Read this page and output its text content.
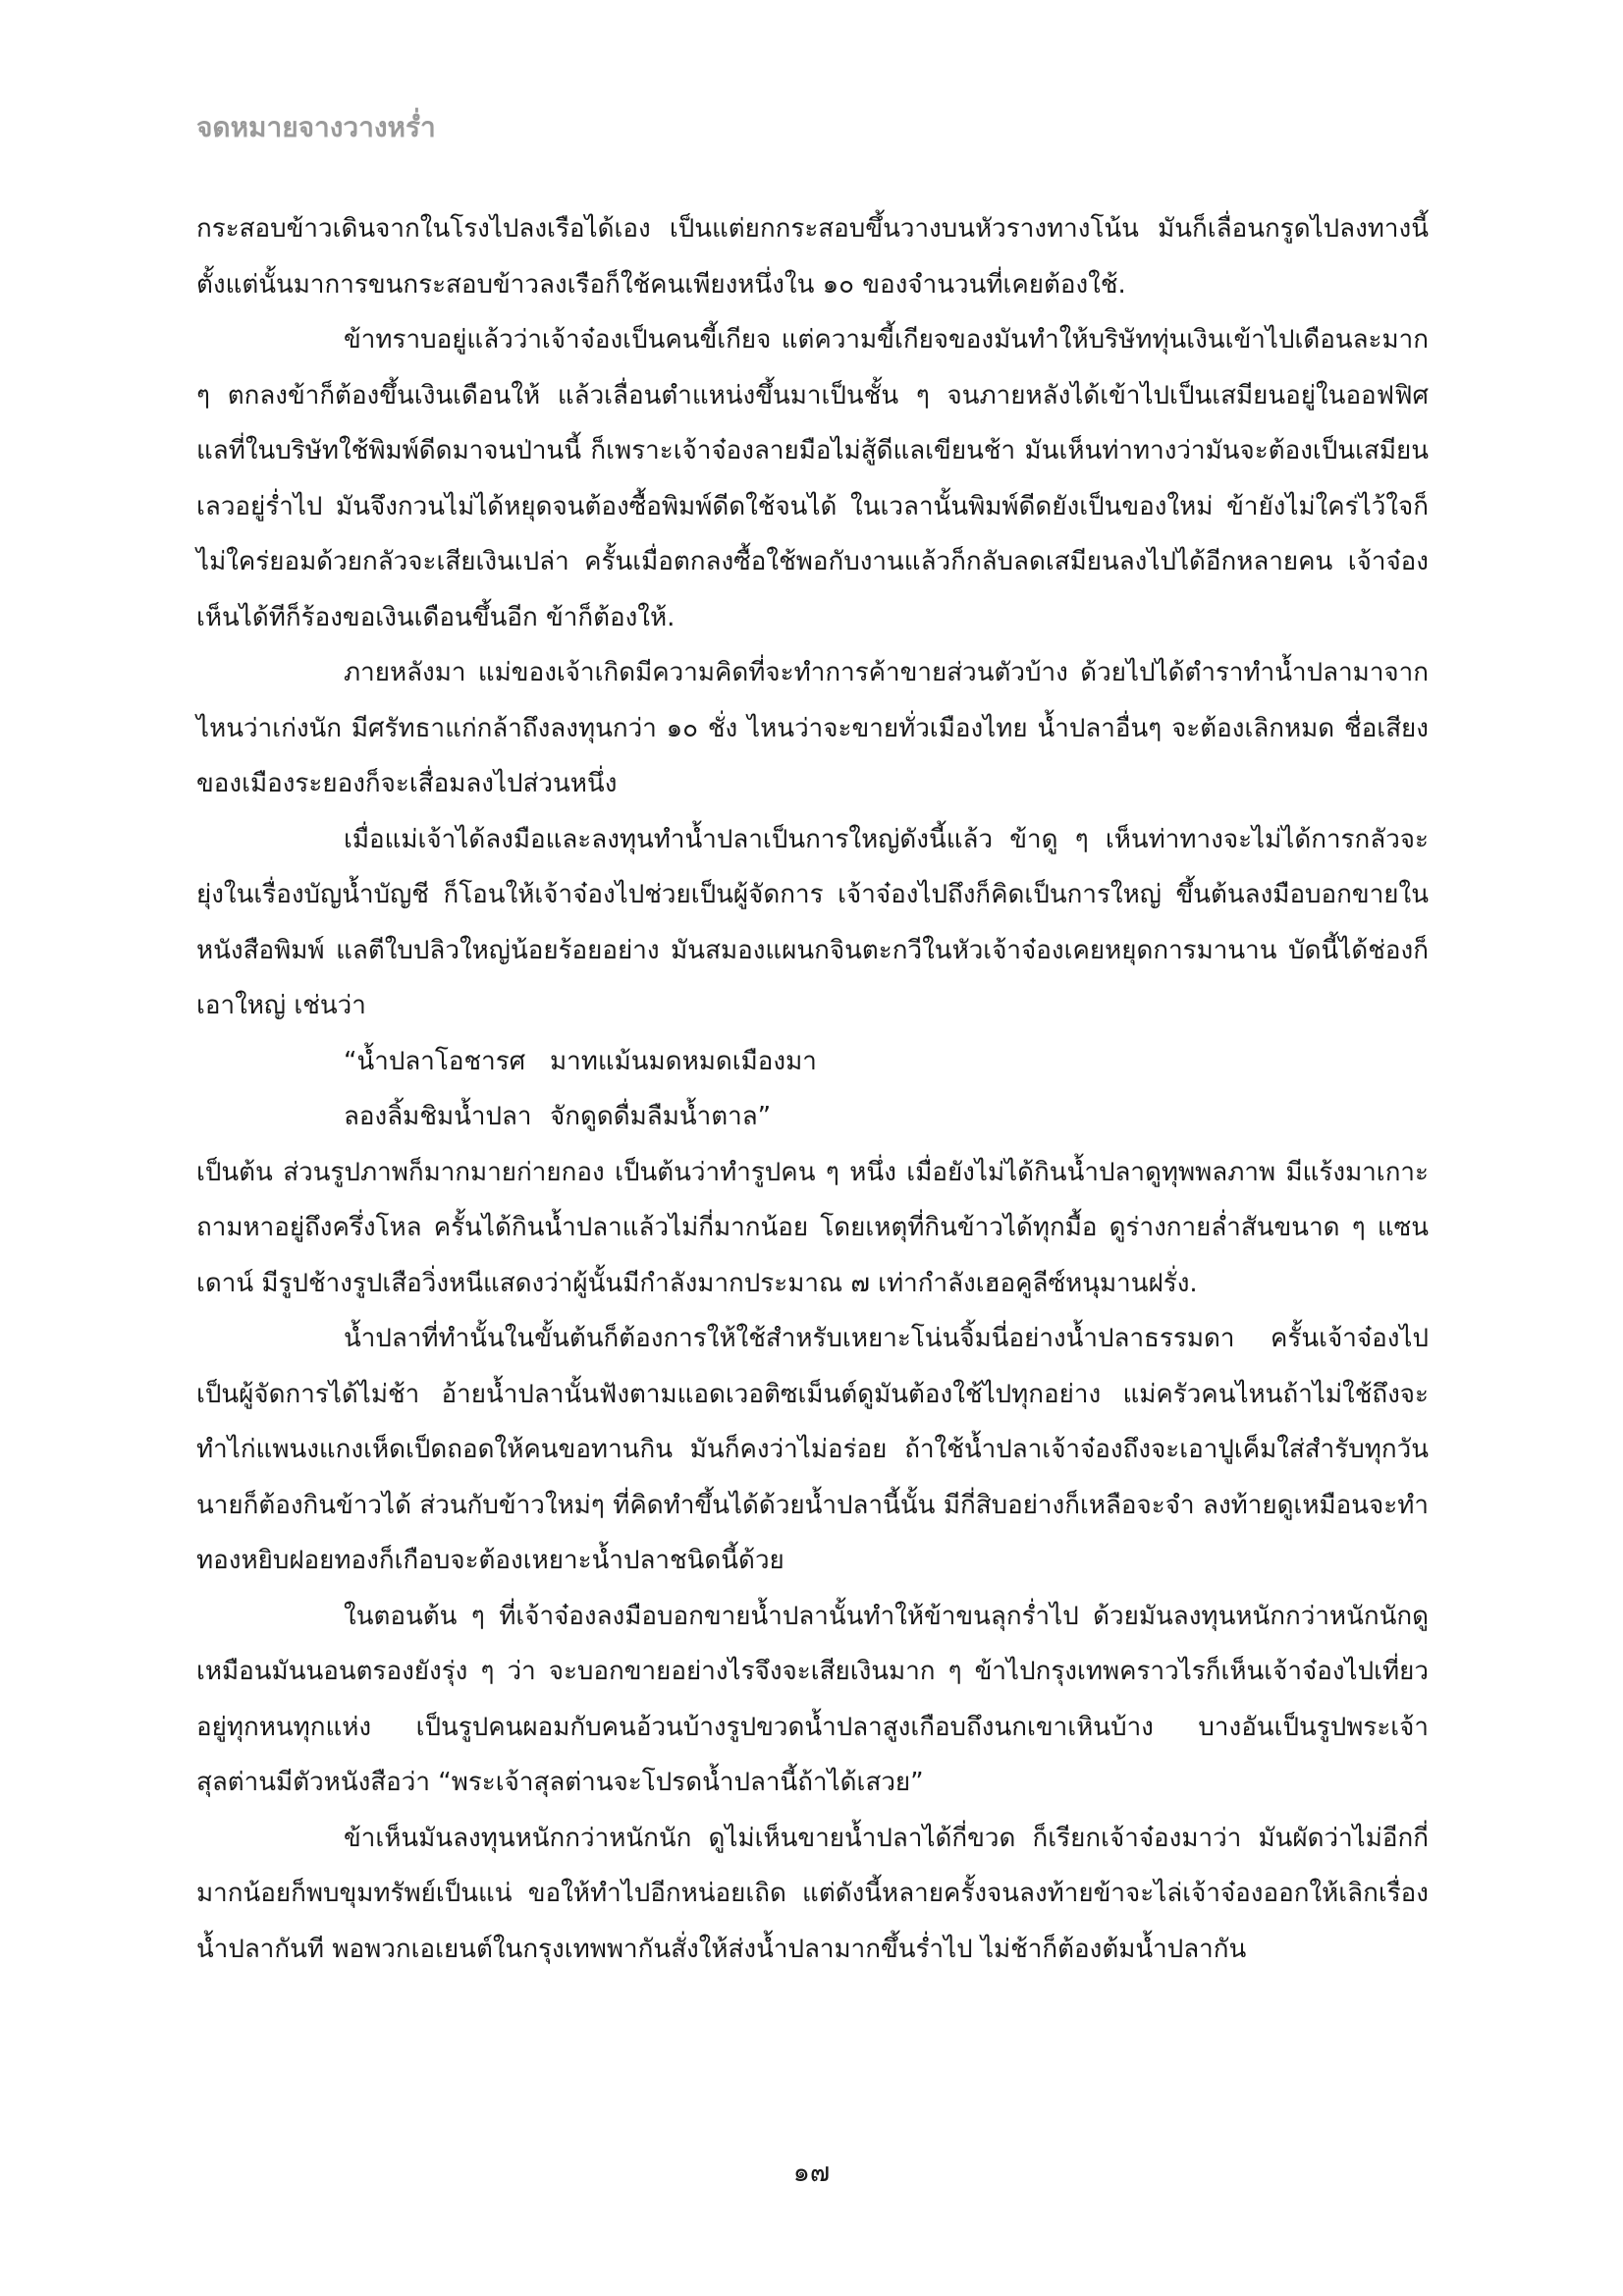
จดหมายจางวางหร่ำ

กระสอบข้าวเดินจากในโรงไปลงเรือได้เอง เป็นแต่ยกกระสอบขึ้นวางบนหัวรางทางโน้น มันก็เลื่อนกรูดไปลงทางนี้ ตั้งแต่นั้นมาการขนกระสอบข้าวลงเรือก็ใช้คนเพียงหนึ่งใน ๑๐ ของจำนวนที่เคยต้องใช้.

ข้าทราบอยู่แล้วว่าเจ้าจ๋องเป็นคนขี้เกียจ แต่ความขี้เกียจของมันทำให้บริษัททุ่นเงินเข้าไปเดือนละมาก ๆ ตกลงข้าก็ต้องขึ้นเงินเดือนให้ แล้วเลื่อนตำแหน่งขึ้นมาเป็นชั้น ๆ จนภายหลังได้เข้าไปเป็นเสมียนอยู่ในออฟฟิศ แลที่ในบริษัทใช้พิมพ์ดีดมาจนป่านนี้ ก็เพราะเจ้าจ๋องลายมือไม่สู้ดีแลเขียนช้า มันเห็นท่าทางว่ามันจะต้องเป็นเสมียนเลวอยู่ร่ำไป มันจึงกวนไม่ได้หยุดจนต้องซื้อพิมพ์ดีดใช้จนได้ ในเวลานั้นพิมพ์ดีดยังเป็นของใหม่ ข้ายังไม่ใคร่ไว้ใจก็ไม่ใคร่ยอมด้วยกลัวจะเสียเงินเปล่า ครั้นเมื่อตกลงซื้อใช้พอกับงานแล้วก็กลับลดเสมียนลงไปได้อีกหลายคน เจ้าจ๋องเห็นได้ทีก็ร้องขอเงินเดือนขึ้นอีก ข้าก็ต้องให้.

ภายหลังมา แม่ของเจ้าเกิดมีความคิดที่จะทำการค้าขายส่วนตัวบ้าง ด้วยไปได้ตำราทำน้ำปลามาจากไหนว่าเก่งนัก มีศรัทธาแก่กล้าถึงลงทุนกว่า ๑๐ ชั่ง ไหนว่าจะขายทั่วเมืองไทย น้ำปลาอื่นๆ จะต้องเลิกหมด ชื่อเสียงของเมืองระยองก็จะเสื่อมลงไปส่วนหนึ่ง

เมื่อแม่เจ้าได้ลงมือและลงทุนทำน้ำปลาเป็นการใหญ่ดังนี้แล้ว ข้าดู ๆ เห็นท่าทางจะไม่ได้การกลัวจะยุ่งในเรื่องบัญน้ำบัญชี ก็โอนให้เจ้าจ๋องไปช่วยเป็นผู้จัดการ เจ้าจ๋องไปถึงก็คิดเป็นการใหญ่ ขึ้นต้นลงมือบอกขายในหนังสือพิมพ์ แลตีใบปลิวใหญ่น้อยร้อยอย่าง มันสมองแผนกจินตะกวีในหัวเจ้าจ๋องเคยหยุดการมานาน บัดนี้ได้ช่องก็เอาใหญ่ เช่นว่า

“น้ำปลาโอชารศ มาทแม้นมดหมดเมืองมา

ลองลิ้มชิมน้ำปลา จักดูดดื่มลืมน้ำตาล”

เป็นต้น ส่วนรูปภาพก็มากมายก่ายกอง เป็นต้นว่าทำรูปคน ๆ หนึ่ง เมื่อยังไม่ได้กินน้ำปลาดูทุพพลภาพ มีแร้งมาเกาะถามหาอยู่ถึงครึ่งโหล ครั้นได้กินน้ำปลาแล้วไม่กี่มากน้อย โดยเหตุที่กินข้าวได้ทุกมื้อ ดูร่างกายล่ำสันขนาด ๆ แซนเดาน์ มีรูปช้างรูปเสือวิ่งหนีแสดงว่าผู้นั้นมีกำลังมากประมาณ ๗ เท่ากำลังเฮอคูลีซ์หนุมานฝรั่ง.

น้ำปลาที่ทำนั้นในขั้นต้นก็ต้องการให้ใช้สำหรับเหยาะโน่นจิ้มนี่อย่างน้ำปลาธรรมดา ครั้นเจ้าจ๋องไปเป็นผู้จัดการได้ไม่ช้า อ้ายน้ำปลานั้นฟังตามแอดเวอติซเม็นต์ดูมันต้องใช้ไปทุกอย่าง แม่ครัวคนไหนถ้าไม่ใช้ถึงจะทำไก่แพนงแกงเห็ดเป็ดถอดให้คนขอทานกิน มันก็คงว่าไม่อร่อย ถ้าใช้น้ำปลาเจ้าจ๋องถึงจะเอาปูเค็มใส่สำรับทุกวัน นายก็ต้องกินข้าวได้ ส่วนกับข้าวใหม่ๆ ที่คิดทำขึ้นได้ด้วยน้ำปลานี้นั้น มีกี่สิบอย่างก็เหลือจะจำ ลงท้ายดูเหมือนจะทำทองหยิบฝอยทองก็เกือบจะต้องเหยาะน้ำปลาชนิดนี้ด้วย

ในตอนต้น ๆ ที่เจ้าจ๋องลงมือบอกขายน้ำปลานั้นทำให้ข้าขนลุกร่ำไป ด้วยมันลงทุนหนักกว่าหนักนักดูเหมือนมันนอนตรองยังรุ่ง ๆ ว่า จะบอกขายอย่างไรจึงจะเสียเงินมาก ๆ ข้าไปกรุงเทพคราวไรก็เห็นเจ้าจ๋องไปเที่ยวอยู่ทุกหนทุกแห่ง เป็นรูปคนผอมกับคนอ้วนบ้างรูปขวดน้ำปลาสูงเกือบถึงนกเขาเหินบ้าง บางอันเป็นรูปพระเจ้าสุลต่านมีตัวหนังสือว่า “พระเจ้าสุลต่านจะโปรดน้ำปลานี้ถ้าได้เสวย”

ข้าเห็นมันลงทุนหนักกว่าหนักนัก ดูไม่เห็นขายน้ำปลาได้กี่ขวด ก็เรียกเจ้าจ๋องมาว่า มันผัดว่าไม่อีกกี่มากน้อยก็พบขุมทรัพย์เป็นแน่ ขอให้ทำไปอีกหน่อยเถิด แต่ดังนี้หลายครั้งจนลงท้ายข้าจะไล่เจ้าจ๋องออกให้เลิกเรื่องน้ำปลากันที พอพวกเอเยนต์ในกรุงเทพพากันสั่งให้ส่งน้ำปลามากขึ้นร่ำไป ไม่ช้าก็ต้องต้มน้ำปลากัน

๑๗
